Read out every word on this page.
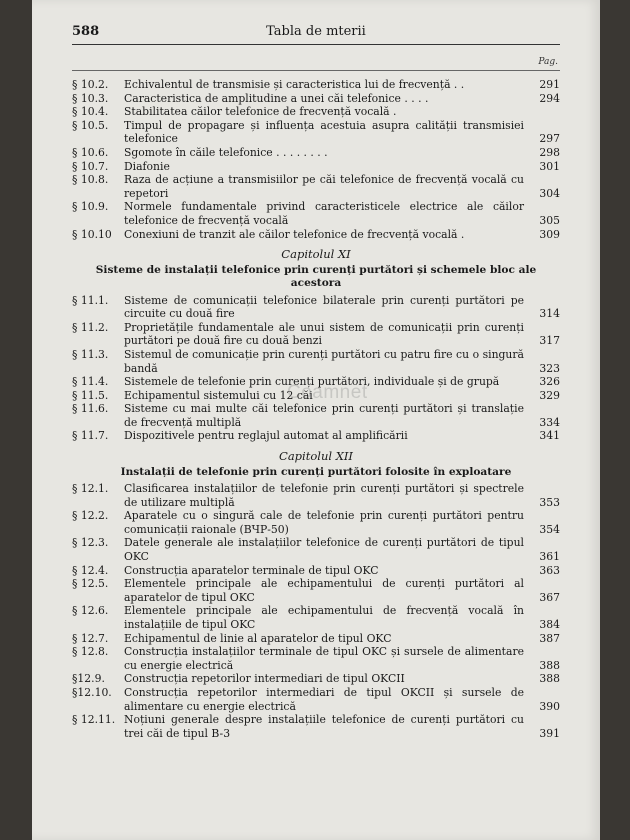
588	Tabla de mterii
Pag.
§ 10.2.	Echivalentul de transmisie și caracteristica lui de frecvență . .	291
§ 10.3.	Caracteristica de amplitudine a unei căi telefonice . . . .	294
§ 10.4.	Stabilitatea căilor telefonice de frecvență vocală .
§ 10.5.	Timpul de propagare și influența acestuia asupra calității transmisiei telefonice	297
§ 10.6.	Sgomote în căile telefonice . . . . . . . .	298
§ 10.7.	Diafonie	301
§ 10.8.	Raza de acțiune a transmisiilor pe căi telefonice de frecvență vocală cu repetori	304
§ 10.9.	Normele fundamentale privind caracteristicele electrice ale căilor telefonice de frecvență vocală	305
§ 10.10	Conexiuni de tranzit ale căilor telefonice de frecvență vocală .	309
Capitolul XI
Sisteme de instalații telefonice prin curenți purtători și schemele bloc ale acestora
§ 11.1.	Sisteme de comunicații telefonice bilaterale prin curenți purtători pe circuite cu două fire	314
§ 11.2.	Proprietățile fundamentale ale unui sistem de comunicații prin curenți purtători pe două fire cu două benzi	317
§ 11.3.	Sistemul de comunicație prin curenți purtători cu patru fire cu o singură bandă	323
§ 11.4.	Sistemele de telefonie prin curenți purtători, individuale și de grupă	326
§ 11.5.	Echipamentul sistemului cu 12 căi	329
§ 11.6.	Sisteme cu mai multe căi telefonice prin curenți purtători și translație de frecvență multiplă	334
§ 11.7.	Dispozitivele pentru reglajul automat al amplificării	341
Capitolul XII
Instalații de telefonie prin curenți purtători folosite în exploatare
§ 12.1.	Clasificarea instalațiilor de telefonie prin curenți purtători și spectrele de utilizare multiplă	353
§ 12.2.	Aparatele cu o singură cale de telefonie prin curenți purtători pentru comunicații raionale (ВЧР-50)	354
§ 12.3.	Datele generale ale instalațiilor telefonice de curenți purtători de tipul OKC	361
§ 12.4.	Construcția aparatelor terminale de tipul OKC	363
§ 12.5.	Elementele principale ale echipamentului de curenți purtători al aparatelor de tipul OKC	367
§ 12.6.	Elementele principale ale echipamentului de frecvență vocală în instalațiile de tipul OKC	384
§ 12.7.	Echipamentul de linie al aparatelor de tipul OKC	387
§ 12.8.	Construcția instalațiilor terminale de tipul OKC și sursele de alimentare cu energie electrică	388
§12.9.	Construcția repetorilor intermediari de tipul OKCII	388
§12.10.	Construcția repetorilor intermediari de tipul OKCII și sursele de alimentare cu energie electrică	390
§ 12.11. Noțiuni generale despre instalațiile telefonice de curenți purtători cu trei căi de tipul B-3	391
Coamnet
